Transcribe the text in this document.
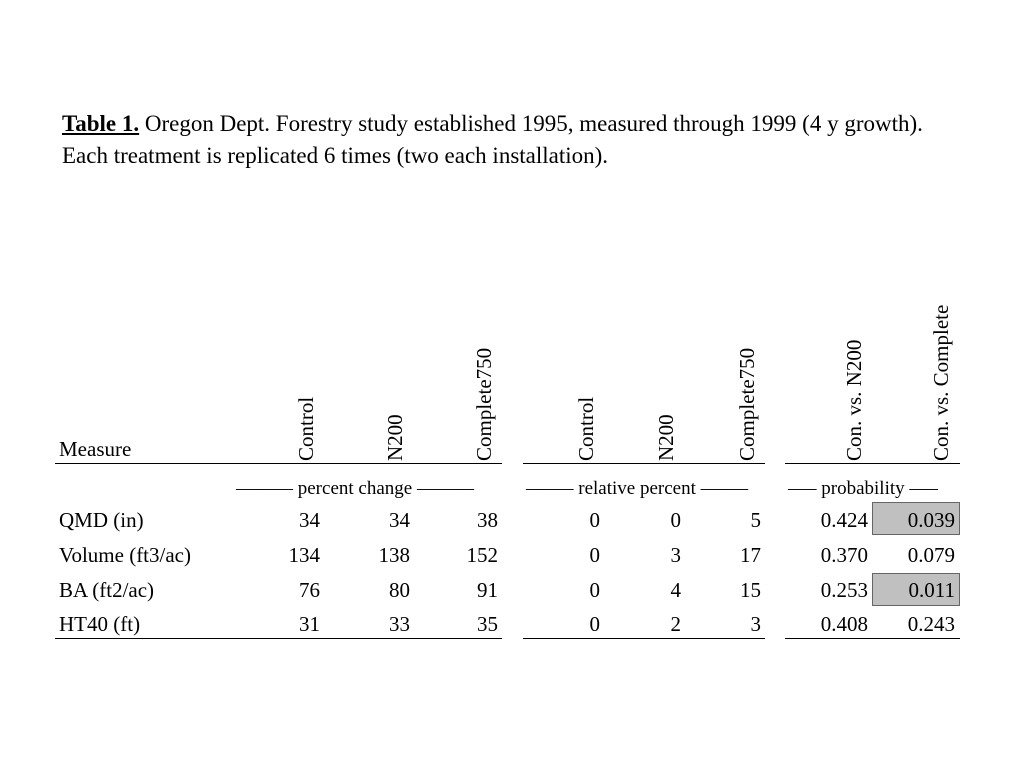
Table 1. Oregon Dept. Forestry study established 1995, measured through 1999 (4 y growth). Each treatment is replicated 6 times (two each installation).
Measure	Control	N200	Complete750	Control	N200	Complete750	Con. vs. N200	Con. vs. Complete
–––––– percent change ––––––	––––– relative percent ––––– ––– probability –––
QMD (in)	34	34	38	0	0	5	0.424	0.039
Volume (ft3/ac)	134	138	152	0	3	17	0.370	0.079
BA (ft2/ac)	76	80	91	0	4	15	0.253	0.011
HT40 (ft)	31	33	35	0	2	3	0.408	0.243
